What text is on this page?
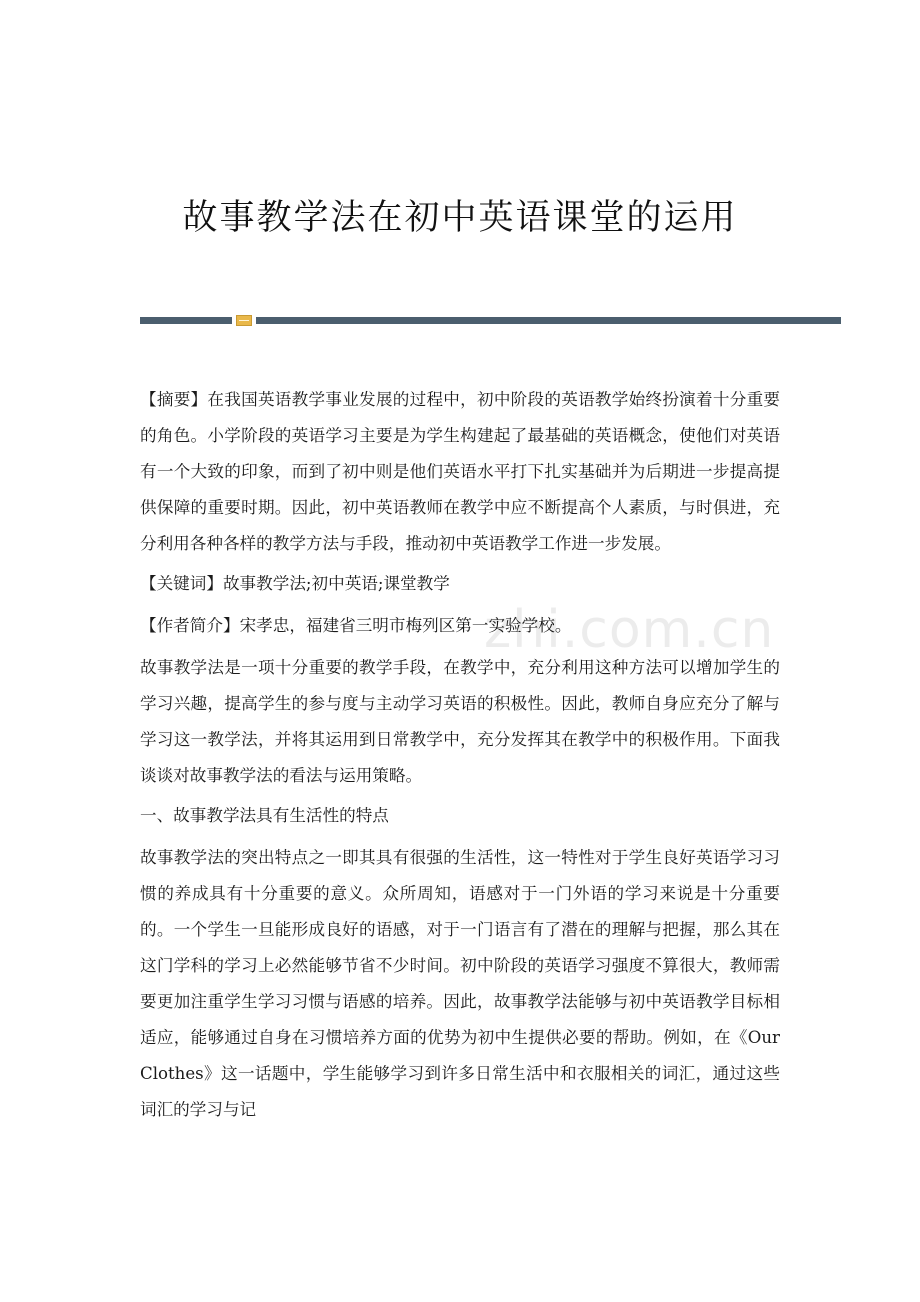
故事教学法在初中英语课堂的运用
zhi.com.cn

【摘要】在我国英语教学事业发展的过程中，初中阶段的英语教学始终扮演着十分重要的角色。小学阶段的英语学习主要是为学生构建起了最基础的英语概念，使他们对英语有一个大致的印象，而到了初中则是他们英语水平打下扎实基础并为后期进一步提高提供保障的重要时期。因此，初中英语教师在教学中应不断提高个人素质，与时俱进，充分利用各种各样的教学方法与手段，推动初中英语教学工作进一步发展。

【关键词】故事教学法;初中英语;课堂教学

【作者简介】宋孝忠，福建省三明市梅列区第一实验学校。

故事教学法是一项十分重要的教学手段，在教学中，充分利用这种方法可以增加学生的学习兴趣，提高学生的参与度与主动学习英语的积极性。因此，教师自身应充分了解与学习这一教学法，并将其运用到日常教学中，充分发挥其在教学中的积极作用。下面我谈谈对故事教学法的看法与运用策略。

一、故事教学法具有生活性的特点

故事教学法的突出特点之一即其具有很强的生活性，这一特性对于学生良好英语学习习惯的养成具有十分重要的意义。众所周知，语感对于一门外语的学习来说是十分重要的。一个学生一旦能形成良好的语感，对于一门语言有了潜在的理解与把握，那么其在这门学科的学习上必然能够节省不少时间。初中阶段的英语学习强度不算很大，教师需要更加注重学生学习习惯与语感的培养。因此，故事教学法能够与初中英语教学目标相适应，能够通过自身在习惯培养方面的优势为初中生提供必要的帮助。例如，在《Our Clothes》这一话题中，学生能够学习到许多日常生活中和衣服相关的词汇，通过这些词汇的学习与记
